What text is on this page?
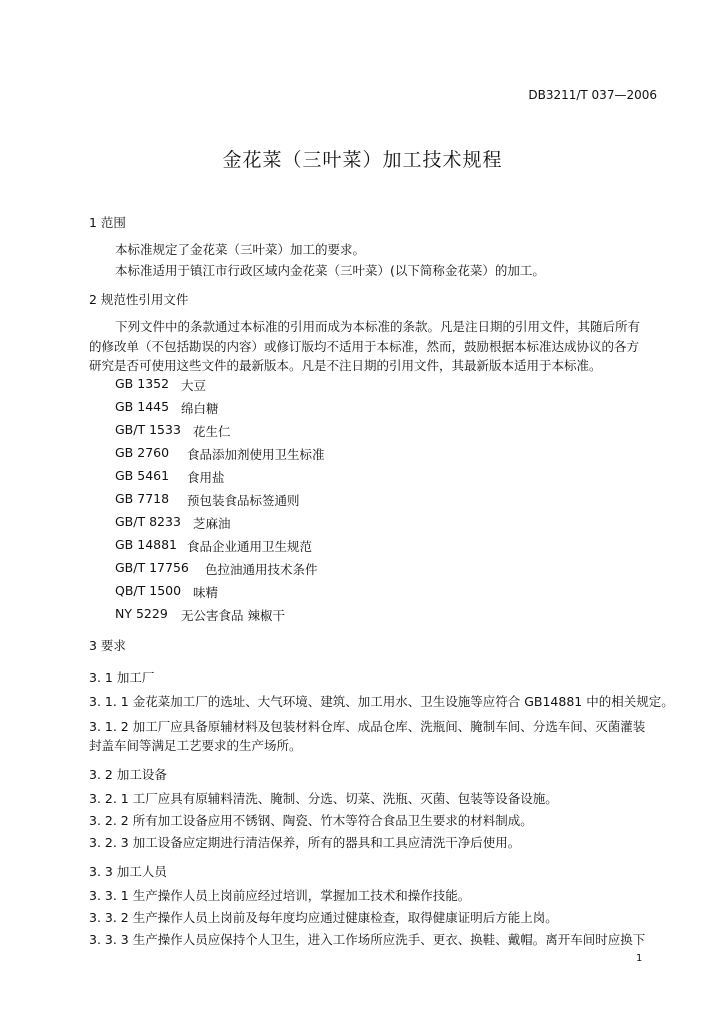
DB3211/T 037—2006
金花菜（三叶菜）加工技术规程
1 范围
本标准规定了金花菜（三叶菜）加工的要求。
本标准适用于镇江市行政区域内金花菜（三叶菜）(以下简称金花菜）的加工。
2 规范性引用文件
下列文件中的条款通过本标准的引用而成为本标准的条款。凡是注日期的引用文件，其随后所有
的修改单（不包括勘误的内容）或修订版均不适用于本标准，然而，鼓励根据本标准达成协议的各方
研究是否可使用这些文件的最新版本。凡是不注日期的引用文件，其最新版本适用于本标准。
GB 1352 大豆
GB 1445 绵白糖
GB/T 1533 花生仁
GB 2760 食品添加剂使用卫生标准
GB 5461 食用盐
GB 7718 预包装食品标签通则
GB/T 8233 芝麻油
GB 14881 食品企业通用卫生规范
GB/T 17756 色拉油通用技术条件
QB/T 1500 味精
NY 5229 无公害食品 辣椒干
3 要求
3. 1 加工厂
3. 1. 1 金花菜加工厂的选址、大气环境、建筑、加工用水、卫生设施等应符合 GB14881 中的相关规定。
3. 1. 2 加工厂应具备原辅材料及包装材料仓库、成品仓库、洗瓶间、腌制车间、分选车间、灭菌灌装
封盖车间等满足工艺要求的生产场所。
3. 2 加工设备
3. 2. 1 工厂应具有原辅料清洗、腌制、分选、切菜、洗瓶、灭菌、包装等设备设施。
3. 2. 2 所有加工设备应用不锈钢、陶瓷、竹木等符合食品卫生要求的材料制成。
3. 2. 3 加工设备应定期进行清洁保养，所有的器具和工具应清洗干净后使用。
3. 3 加工人员
3. 3. 1 生产操作人员上岗前应经过培训，掌握加工技术和操作技能。
3. 3. 2 生产操作人员上岗前及每年度均应通过健康检查，取得健康证明后方能上岗。
3. 3. 3 生产操作人员应保持个人卫生，进入工作场所应洗手、更衣、换鞋、戴帽。离开车间时应换下
1
